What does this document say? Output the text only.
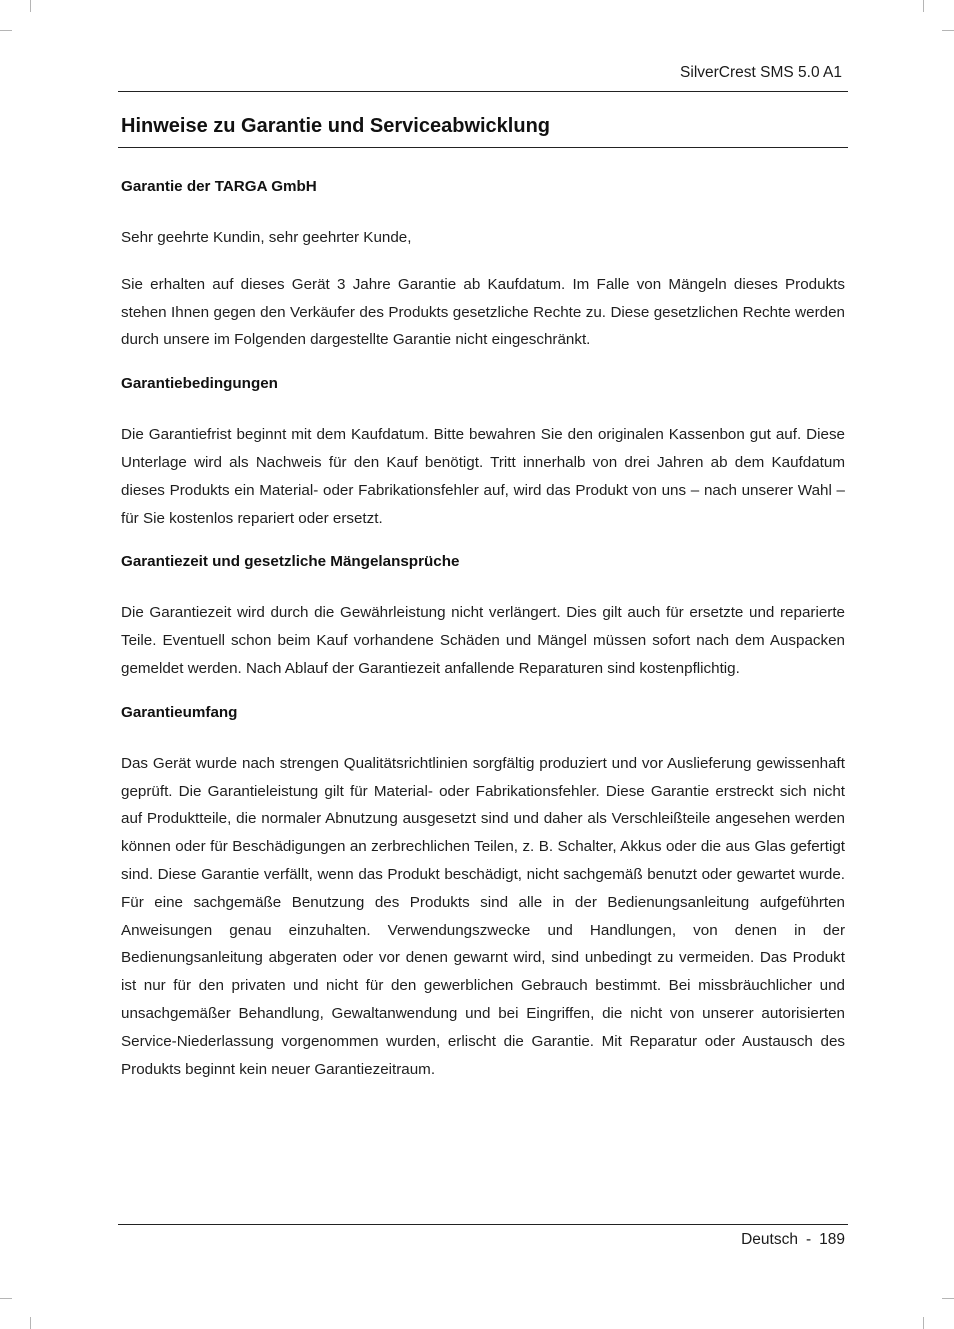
SilverCrest SMS 5.0 A1
Hinweise zu Garantie und Serviceabwicklung
Garantie der TARGA GmbH

Sehr geehrte Kundin, sehr geehrter Kunde,

Sie erhalten auf dieses Gerät 3 Jahre Garantie ab Kaufdatum. Im Falle von Mängeln dieses Produkts stehen Ihnen gegen den Verkäufer des Produkts gesetzliche Rechte zu. Diese gesetzlichen Rechte werden durch unsere im Folgenden dargestellte Garantie nicht eingeschränkt.

Garantiebedingungen

Die Garantiefrist beginnt mit dem Kaufdatum. Bitte bewahren Sie den originalen Kassenbon gut auf. Diese Unterlage wird als Nachweis für den Kauf benötigt. Tritt innerhalb von drei Jahren ab dem Kaufdatum dieses Produkts ein Material- oder Fabrikationsfehler auf, wird das Produkt von uns – nach unserer Wahl – für Sie kostenlos repariert oder ersetzt.

Garantiezeit und gesetzliche Mängelansprüche

Die Garantiezeit wird durch die Gewährleistung nicht verlängert. Dies gilt auch für ersetzte und reparierte Teile. Eventuell schon beim Kauf vorhandene Schäden und Mängel müssen sofort nach dem Auspacken gemeldet werden. Nach Ablauf der Garantiezeit anfallende Reparaturen sind kostenpflichtig.

Garantieumfang

Das Gerät wurde nach strengen Qualitätsrichtlinien sorgfältig produziert und vor Auslieferung gewissenhaft geprüft. Die Garantieleistung gilt für Material- oder Fabrikationsfehler. Diese Garantie erstreckt sich nicht auf Produktteile, die normaler Abnutzung ausgesetzt sind und daher als Verschleißteile angesehen werden können oder für Beschädigungen an zerbrechlichen Teilen, z. B. Schalter, Akkus oder die aus Glas gefertigt sind. Diese Garantie verfällt, wenn das Produkt beschädigt, nicht sachgemäß benutzt oder gewartet wurde. Für eine sachgemäße Benutzung des Produkts sind alle in der Bedienungsanleitung aufgeführten Anweisungen genau einzuhalten. Verwendungszwecke und Handlungen, von denen in der Bedienungsanleitung abgeraten oder vor denen gewarnt wird, sind unbedingt zu vermeiden. Das Produkt ist nur für den privaten und nicht für den gewerblichen Gebrauch bestimmt. Bei missbräuchlicher und unsachgemäßer Behandlung, Gewaltanwendung und bei Eingriffen, die nicht von unserer autorisierten Service-Niederlassung vorgenommen wurden, erlischt die Garantie. Mit Reparatur oder Austausch des Produkts beginnt kein neuer Garantiezeitraum.

Deutsch - 189
